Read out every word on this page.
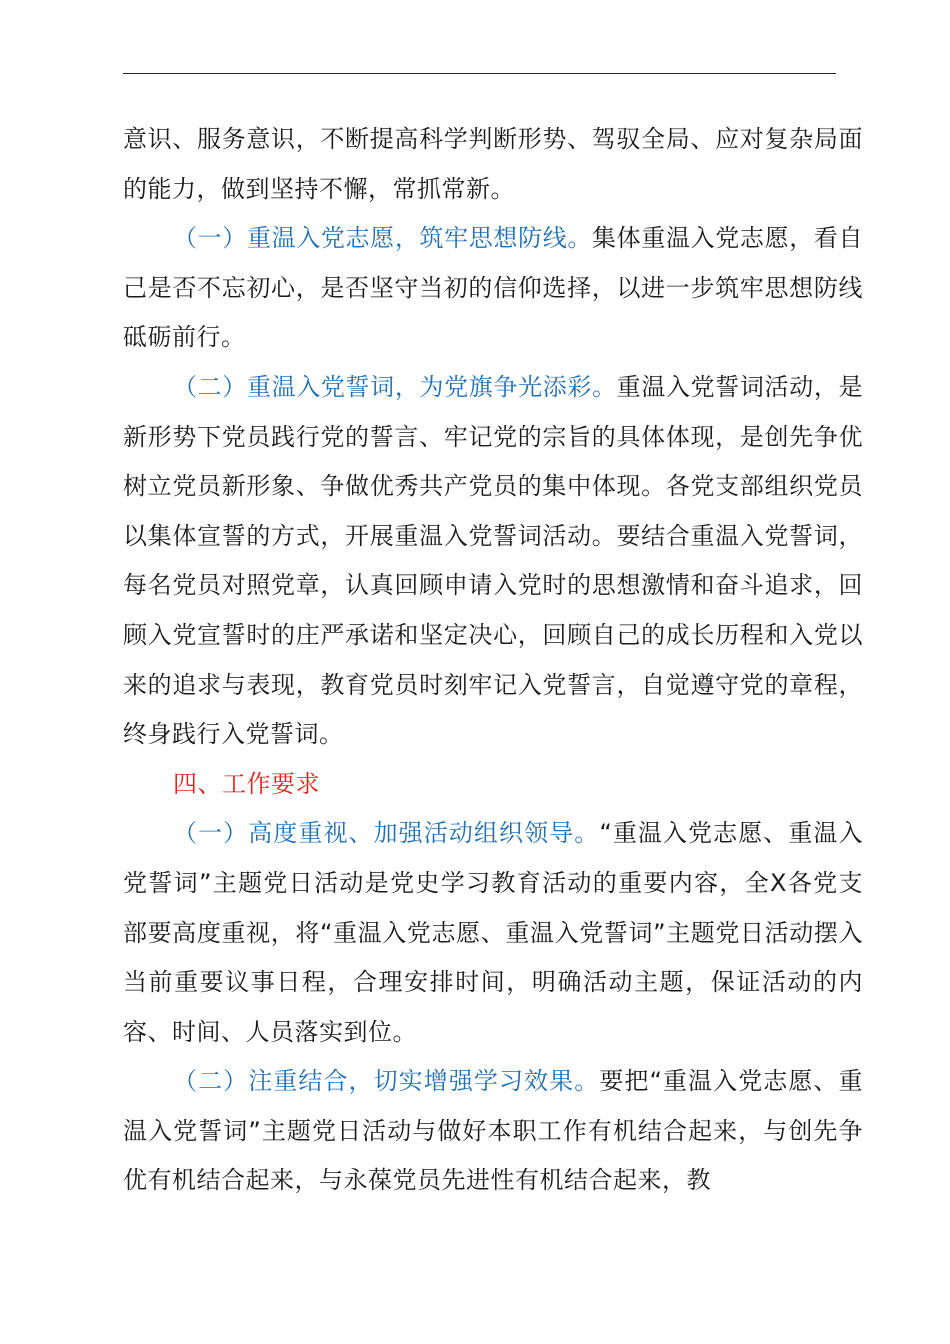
意识、服务意识，不断提高科学判断形势、驾驭全局、应对复杂局面的能力，做到坚持不懈，常抓常新。

（一）重温入党志愿，筑牢思想防线。集体重温入党志愿，看自己是否不忘初心，是否坚守当初的信仰选择，以进一步筑牢思想防线砥砺前行。

（二）重温入党誓词，为党旗争光添彩。重温入党誓词活动，是新形势下党员践行党的誓言、牢记党的宗旨的具体体现，是创先争优树立党员新形象、争做优秀共产党员的集中体现。各党支部组织党员以集体宣誓的方式，开展重温入党誓词活动。要结合重温入党誓词，每名党员对照党章，认真回顾申请入党时的思想激情和奋斗追求，回顾入党宣誓时的庄严承诺和坚定决心，回顾自己的成长历程和入党以来的追求与表现，教育党员时刻牢记入党誓言，自觉遵守党的章程，终身践行入党誓词。

四、工作要求

（一）高度重视、加强活动组织领导。“重温入党志愿、重温入党誓词”主题党日活动是党史学习教育活动的重要内容，全X各党支部要高度重视，将“重温入党志愿、重温入党誓词”主题党日活动摆入当前重要议事日程，合理安排时间，明确活动主题，保证活动的内容、时间、人员落实到位。

（二）注重结合，切实增强学习效果。要把“重温入党志愿、重温入党誓词”主题党日活动与做好本职工作有机结合起来，与创先争优有机结合起来，与永葆党员先进性有机结合起来，教
